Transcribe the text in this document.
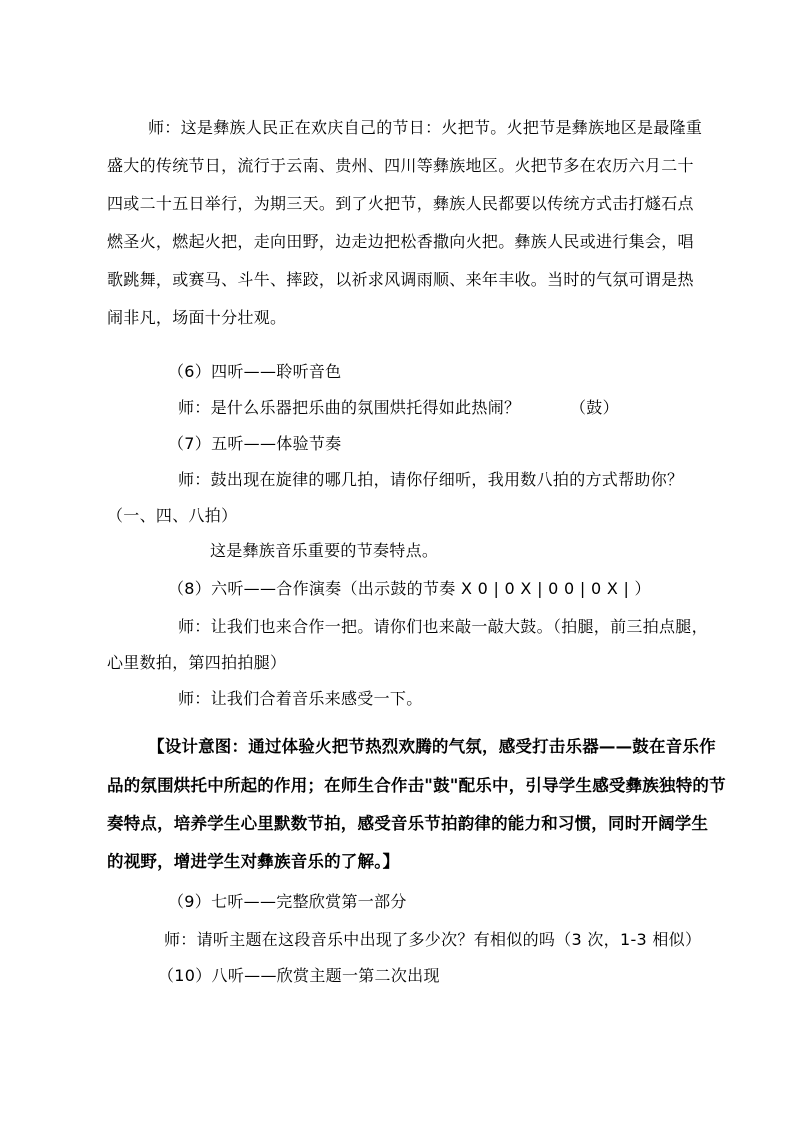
师：这是彝族人民正在欢庆自己的节日：火把节。火把节是彝族地区是最隆重
盛大的传统节日，流行于云南、贵州、四川等彝族地区。火把节多在农历六月二十
四或二十五日举行，为期三天。到了火把节，彝族人民都要以传统方式击打燧石点
燃圣火，燃起火把，走向田野，边走边把松香撒向火把。彝族人民或进行集会，唱
歌跳舞，或赛马、斗牛、摔跤，以祈求风调雨顺、来年丰收。当时的气氛可谓是热
闹非凡，场面十分壮观。
（6）四听——聆听音色
师：是什么乐器把乐曲的氛围烘托得如此热闹？	（鼓）
（7）五听——体验节奏
师：鼓出现在旋律的哪几拍，请你仔细听，我用数八拍的方式帮助你？
（一、四、八拍）
这是彝族音乐重要的节奏特点。
（8）六听——合作演奏（出示鼓的节奏 X 0 | 0 X | 0 0 | 0 X | ）
师：让我们也来合作一把。请你们也来敲一敲大鼓。（拍腿，前三拍点腿，
心里数拍，第四拍拍腿）
师：让我们合着音乐来感受一下。
【设计意图：通过体验火把节热烈欢腾的气氛，感受打击乐器——鼓在音乐作
品的氛围烘托中所起的作用；在师生合作击"鼓"配乐中，引导学生感受彝族独特的节
奏特点，培养学生心里默数节拍，感受音乐节拍韵律的能力和习惯，同时开阔学生
的视野，增进学生对彝族音乐的了解。】
（9）七听——完整欣赏第一部分
师：请听主题在这段音乐中出现了多少次？有相似的吗（3 次，1-3 相似）
（10）八听——欣赏主题一第二次出现
